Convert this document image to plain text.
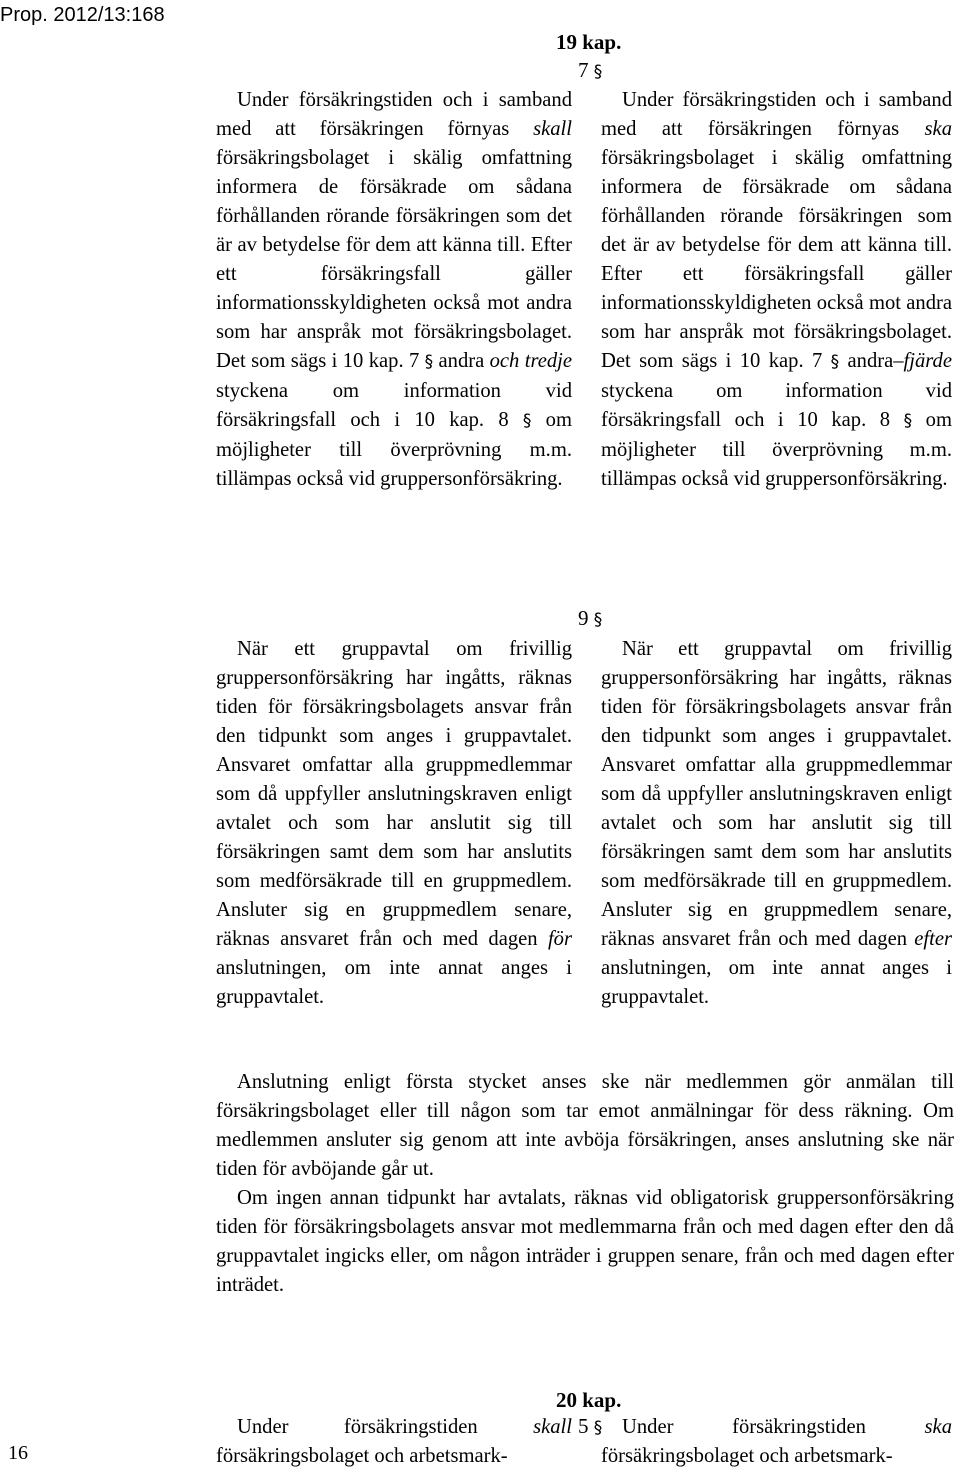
Prop. 2012/13:168
19 kap.
7 §
Under försäkringstiden och i samband med att försäkringen förnyas skall försäkringsbolaget i skälig omfattning informera de försäkrade om sådana förhållanden rörande försäkringen som det är av betydelse för dem att känna till. Efter ett försäkringsfall gäller informationsskyldigheten också mot andra som har anspråk mot försäkringsbolaget. Det som sägs i 10 kap. 7 § andra och tredje styckena om information vid försäkringsfall och i 10 kap. 8 § om möjligheter till överprövning m.m. tillämpas också vid gruppersonförsäkring.
Under försäkringstiden och i samband med att försäkringen förnyas ska försäkringsbolaget i skälig omfattning informera de försäkrade om sådana förhållanden rörande försäkringen som det är av betydelse för dem att känna till. Efter ett försäkringsfall gäller informationsskyldigheten också mot andra som har anspråk mot försäkringsbolaget. Det som sägs i 10 kap. 7 § andra–fjärde styckena om information vid försäkringsfall och i 10 kap. 8 § om möjligheter till överprövning m.m. tillämpas också vid gruppersonförsäkring.
9 §
När ett gruppavtal om frivillig gruppersonförsäkring har ingåtts, räknas tiden för försäkringsbolagets ansvar från den tidpunkt som anges i gruppavtalet. Ansvaret omfattar alla gruppmedlemmar som då uppfyller anslutningskraven enligt avtalet och som har anslutit sig till försäkringen samt dem som har anslutits som medförsäkrade till en gruppmedlem. Ansluter sig en gruppmedlem senare, räknas ansvaret från och med dagen för anslutningen, om inte annat anges i gruppavtalet.
När ett gruppavtal om frivillig gruppersonförsäkring har ingåtts, räknas tiden för försäkringsbolagets ansvar från den tidpunkt som anges i gruppavtalet. Ansvaret omfattar alla gruppmedlemmar som då uppfyller anslutningskraven enligt avtalet och som har anslutit sig till försäkringen samt dem som har anslutits som medförsäkrade till en gruppmedlem. Ansluter sig en gruppmedlem senare, räknas ansvaret från och med dagen efter anslutningen, om inte annat anges i gruppavtalet.

Anslutning enligt första stycket anses ske när medlemmen gör anmälan till försäkringsbolaget eller till någon som tar emot anmälningar för dess räkning. Om medlemmen ansluter sig genom att inte avböja försäkringen, anses anslutning ske när tiden för avböjande går ut.

Om ingen annan tidpunkt har avtalats, räknas vid obligatorisk gruppersonförsäkring tiden för försäkringsbolagets ansvar mot medlemmarna från och med dagen efter den då gruppavtalet ingicks eller, om någon inträder i gruppen senare, från och med dagen efter inträdet.

20 kap.
5 §
Under försäkringstiden skall försäkringsbolaget och arbetsmark-
Under försäkringstiden ska försäkringsbolaget och arbetsmark-
16
